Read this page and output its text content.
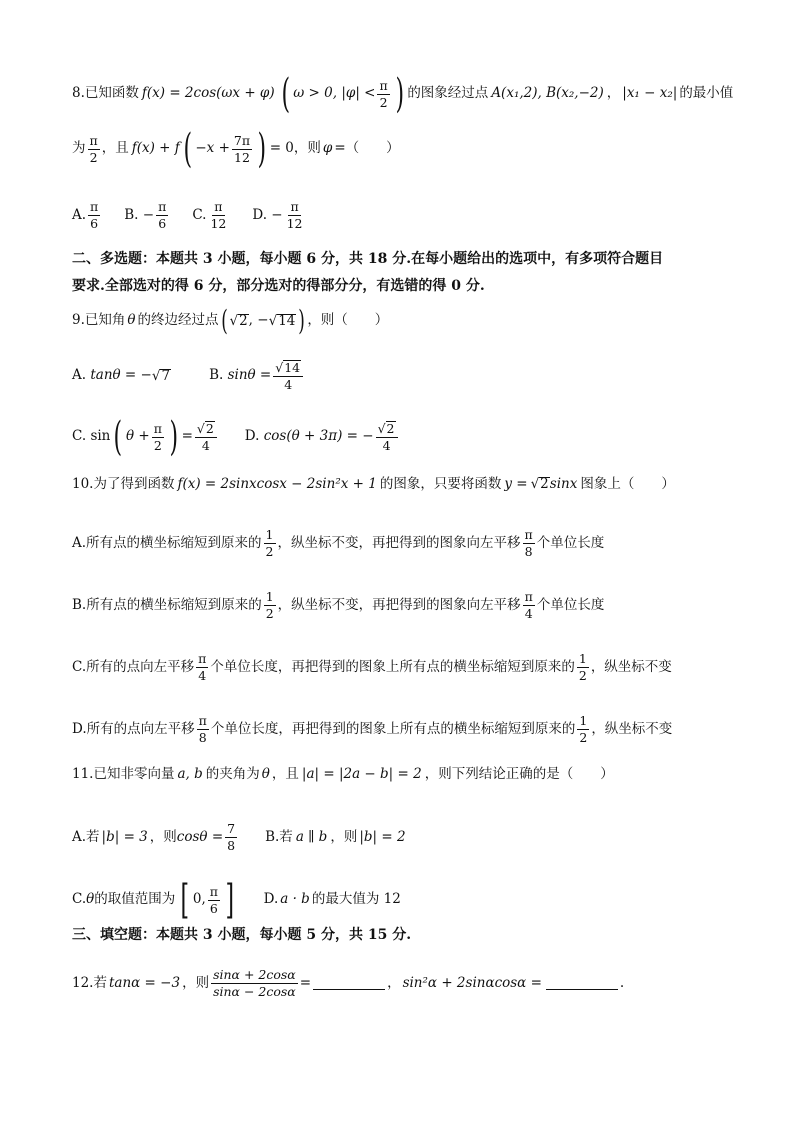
8. 已知函数 f(x) = 2cos(ωx + φ) ( ω > 0, $|\varphi| < \frac{\pi}{2}$ ) 的图象经过点 A(x₁,2), B(x₂,−2) ， |x₁ − x₂| 的最小值
为 $\frac{\pi}{2}$ ，且 f(x) + f ( $-x + \frac{7\pi}{12}$ ) = 0，则 φ =（　　）
A. $\frac{\pi}{6} B$. − $\frac{\pi}{6} C$. $\frac{\pi}{12} D$. − $\frac{\pi}{12}$
二、多选题：本题共 3 小题，每小题 6 分，共 18 分.在每小题给出的选项中，有多项符合题目
要求.全部选对的得 6 分，部分选对的得部分分，有选错的得 0 分.
9.已知角 θ 的终边经过点 ( √ 2 , − √ 14 ) ，则（　　）
A.
tanθ = − √ 7	B.
$\sin\theta = \frac{√ 14}{4}$
C.
sin ( $\theta + \frac{\pi}{2}$ ) = $\frac{√ 2}{4} D$.
cos(θ + 3π) = − $\frac{√ 2}{4}$
10.为了得到函数 f(x) = 2sinxcosx − 2sin²x + 1 的图象，只要将函数 y = √ 2 sinx 图象上（　　）
A.所有点的横坐标缩短到原来的 $\frac{1}{2}$ ，纵坐标不变，再把得到的图象向左平移 $\frac{\pi}{8}$ 个单位长度
B.所有点的横坐标缩短到原来的 $\frac{1}{2}$ ，纵坐标不变，再把得到的图象向左平移 $\frac{\pi}{4}$ 个单位长度
C.所有的点向左平移 $\frac{\pi}{4}$ 个单位长度，再把得到的图象上所有点的横坐标缩短到原来的 $\frac{1}{2}$ ，纵坐标不变
D.所有的点向左平移 $\frac{\pi}{8}$ 个单位长度，再把得到的图象上所有点的横坐标缩短到原来的 $\frac{1}{2}$ ，纵坐标不变
11.已知非零向量 a, b 的夹角为 θ ，且 |a| = |2a − b| = 2 ，则下列结论正确的是（　　）
A.若 |b| = 3 ，则 $\cos\theta = \frac{7}{8} B$.若 a ∥ b ，则 |b| = 2
C. θ 的取值范围为 [ 0, $\frac{\pi}{6}$ ] D. a · b 的最大值为 12
三、填空题：本题共 3 小题，每小题 5 分，共 15 分.
12.若 tanα = −3 ，则 $\frac{\sin\alpha + 2\cos\alpha}{\sin\alpha - 2\cos\alpha}$ =	， sin²α + 2sinαcosα =	.
